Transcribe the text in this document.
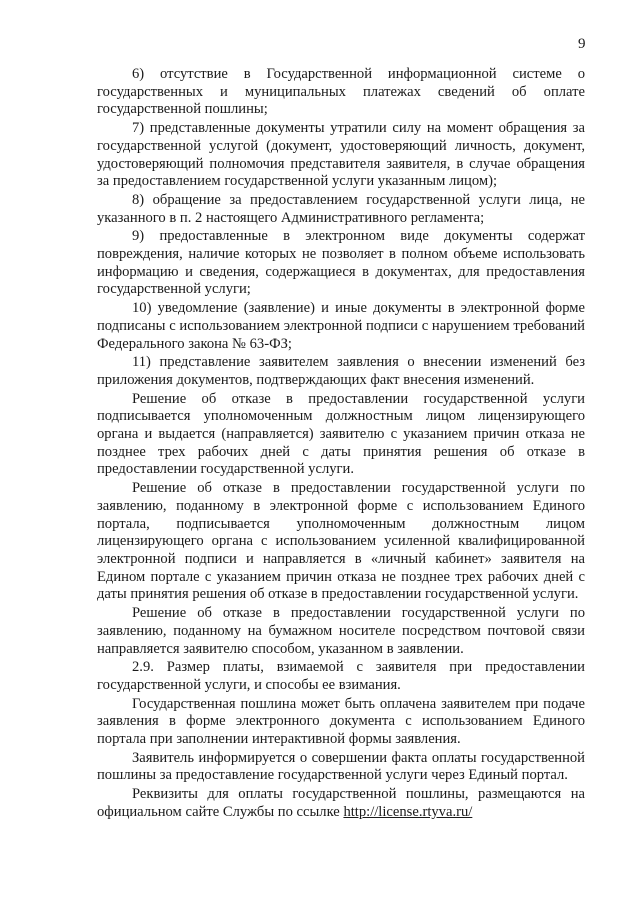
9

6) отсутствие в Государственной информационной системе о государственных и муниципальных платежах сведений об оплате государственной пошлины;

7) представленные документы утратили силу на момент обращения за государственной услугой (документ, удостоверяющий личность, документ, удостоверяющий полномочия представителя заявителя, в случае обращения за предоставлением государственной услуги указанным лицом);

8) обращение за предоставлением государственной услуги лица, не указанного в п. 2 настоящего Административного регламента;

9) предоставленные в электронном виде документы содержат повреждения, наличие которых не позволяет в полном объеме использовать информацию и сведения, содержащиеся в документах, для предоставления государственной услуги;

10) уведомление (заявление) и иные документы в электронной форме подписаны с использованием электронной подписи с нарушением требований Федерального закона № 63-ФЗ;

11) представление заявителем заявления о внесении изменений без приложения документов, подтверждающих факт внесения изменений.

Решение об отказе в предоставлении государственной услуги подписывается уполномоченным должностным лицом лицензирующего органа и выдается (направляется) заявителю с указанием причин отказа не позднее трех рабочих дней с даты принятия решения об отказе в предоставлении государственной услуги.

Решение об отказе в предоставлении государственной услуги по заявлению, поданному в электронной форме с использованием Единого портала, подписывается уполномоченным должностным лицом лицензирующего органа с использованием усиленной квалифицированной электронной подписи и направляется в «личный кабинет» заявителя на Едином портале с указанием причин отказа не позднее трех рабочих дней с даты принятия решения об отказе в предоставлении государственной услуги.

Решение об отказе в предоставлении государственной услуги по заявлению, поданному на бумажном носителе посредством почтовой связи направляется заявителю способом, указанном в заявлении.

2.9. Размер платы, взимаемой с заявителя при предоставлении государственной услуги, и способы ее взимания.

Государственная пошлина может быть оплачена заявителем при подаче заявления в форме электронного документа с использованием Единого портала при заполнении интерактивной формы заявления.

Заявитель информируется о совершении факта оплаты государственной пошлины за предоставление государственной услуги через Единый портал.

Реквизиты для оплаты государственной пошлины, размещаются на официальном сайте Службы по ссылке http://license.rtyva.ru/
